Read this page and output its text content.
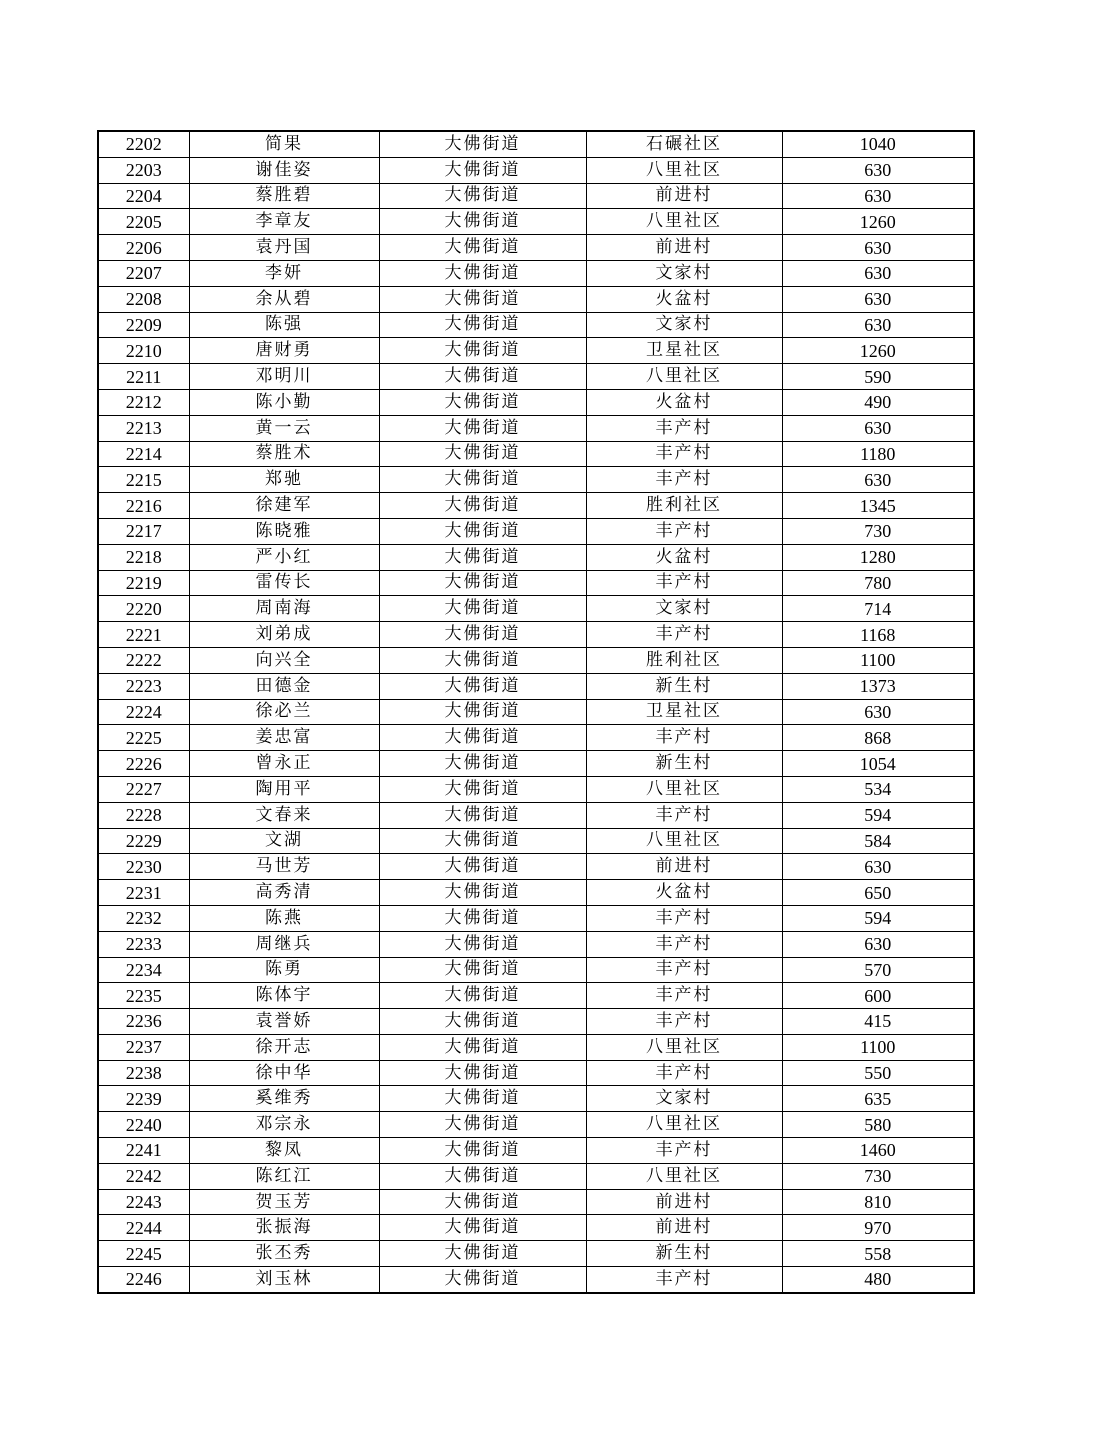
2202	简果	大佛街道	石碾社区	1040
2203	谢佳姿	大佛街道	八里社区	630
2204	蔡胜碧	大佛街道	前进村	630
2205	李章友	大佛街道	八里社区	1260
2206	袁丹国	大佛街道	前进村	630
2207	李妍	大佛街道	文家村	630
2208	余从碧	大佛街道	火盆村	630
2209	陈强	大佛街道	文家村	630
2210	唐财勇	大佛街道	卫星社区	1260
2211	邓明川	大佛街道	八里社区	590
2212	陈小勤	大佛街道	火盆村	490
2213	黄一云	大佛街道	丰产村	630
2214	蔡胜术	大佛街道	丰产村	1180
2215	郑驰	大佛街道	丰产村	630
2216	徐建军	大佛街道	胜利社区	1345
2217	陈晓雅	大佛街道	丰产村	730
2218	严小红	大佛街道	火盆村	1280
2219	雷传长	大佛街道	丰产村	780
2220	周南海	大佛街道	文家村	714
2221	刘弟成	大佛街道	丰产村	1168
2222	向兴全	大佛街道	胜利社区	1100
2223	田德金	大佛街道	新生村	1373
2224	徐必兰	大佛街道	卫星社区	630
2225	姜忠富	大佛街道	丰产村	868
2226	曾永正	大佛街道	新生村	1054
2227	陶用平	大佛街道	八里社区	534
2228	文春来	大佛街道	丰产村	594
2229	文湖	大佛街道	八里社区	584
2230	马世芳	大佛街道	前进村	630
2231	高秀清	大佛街道	火盆村	650
2232	陈燕	大佛街道	丰产村	594
2233	周继兵	大佛街道	丰产村	630
2234	陈勇	大佛街道	丰产村	570
2235	陈体宇	大佛街道	丰产村	600
2236	袁誉娇	大佛街道	丰产村	415
2237	徐开志	大佛街道	八里社区	1100
2238	徐中华	大佛街道	丰产村	550
2239	奚维秀	大佛街道	文家村	635
2240	邓宗永	大佛街道	八里社区	580
2241	黎凤	大佛街道	丰产村	1460
2242	陈红江	大佛街道	八里社区	730
2243	贺玉芳	大佛街道	前进村	810
2244	张振海	大佛街道	前进村	970
2245	张丕秀	大佛街道	新生村	558
2246	刘玉林	大佛街道	丰产村	480
